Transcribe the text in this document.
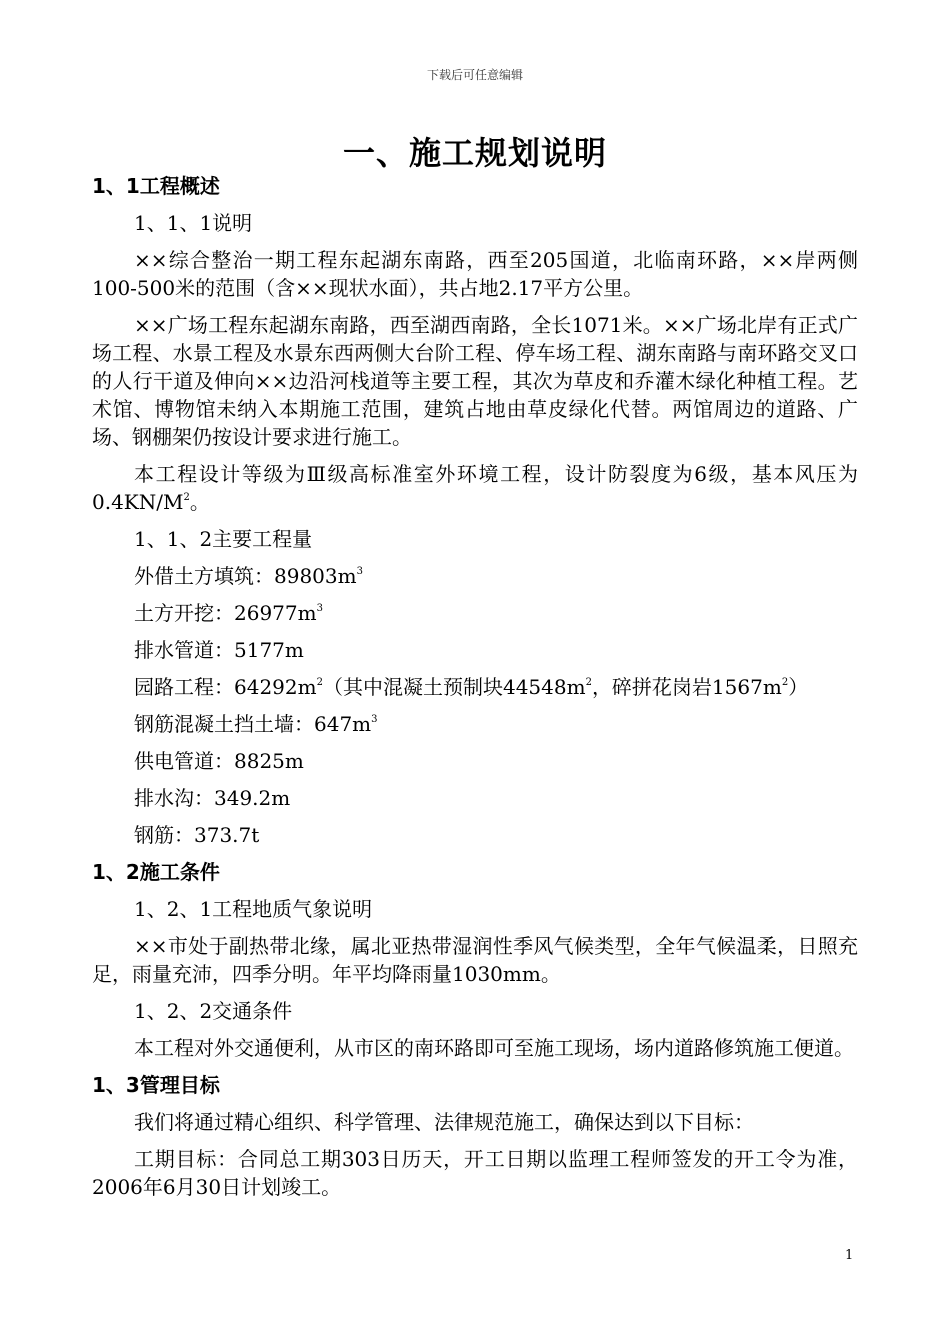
下载后可任意编辑
一、施工规划说明
1、1工程概述
1、1、1说明
××综合整治一期工程东起湖东南路，西至205国道，北临南环路，××岸两侧100-500米的范围（含××现状水面），共占地2.17平方公里。
××广场工程东起湖东南路，西至湖西南路，全长1071米。××广场北岸有正式广场工程、水景工程及水景东西两侧大台阶工程、停车场工程、湖东南路与南环路交叉口的人行干道及伸向××边沿河栈道等主要工程，其次为草皮和乔灌木绿化种植工程。艺术馆、博物馆未纳入本期施工范围，建筑占地由草皮绿化代替。两馆周边的道路、广场、钢棚架仍按设计要求进行施工。
本工程设计等级为Ⅲ级高标准室外环境工程，设计防裂度为6级，基本风压为$0.4KN/M^2$。
1、1、2主要工程量
外借土方填筑：$89803m^3$
土方开挖：$26977m^3$
排水管道：5177m
园路工程：$64292m^2$（其中混凝土预制块$44548m^2$，碎拼花岗岩$1567m^2$）
钢筋混凝土挡土墙：$647m^3$
供电管道：8825m
排水沟：349.2m
钢筋：373.7t
1、2施工条件
1、2、1工程地质气象说明
××市处于副热带北缘，属北亚热带湿润性季风气候类型，全年气候温柔，日照充足，雨量充沛，四季分明。年平均降雨量1030mm。
1、2、2交通条件
本工程对外交通便利，从市区的南环路即可至施工现场，场内道路修筑施工便道。
1、3管理目标
我们将通过精心组织、科学管理、法律规范施工，确保达到以下目标：
工期目标：合同总工期303日历天，开工日期以监理工程师签发的开工令为准，2006年6月30日计划竣工。
1
